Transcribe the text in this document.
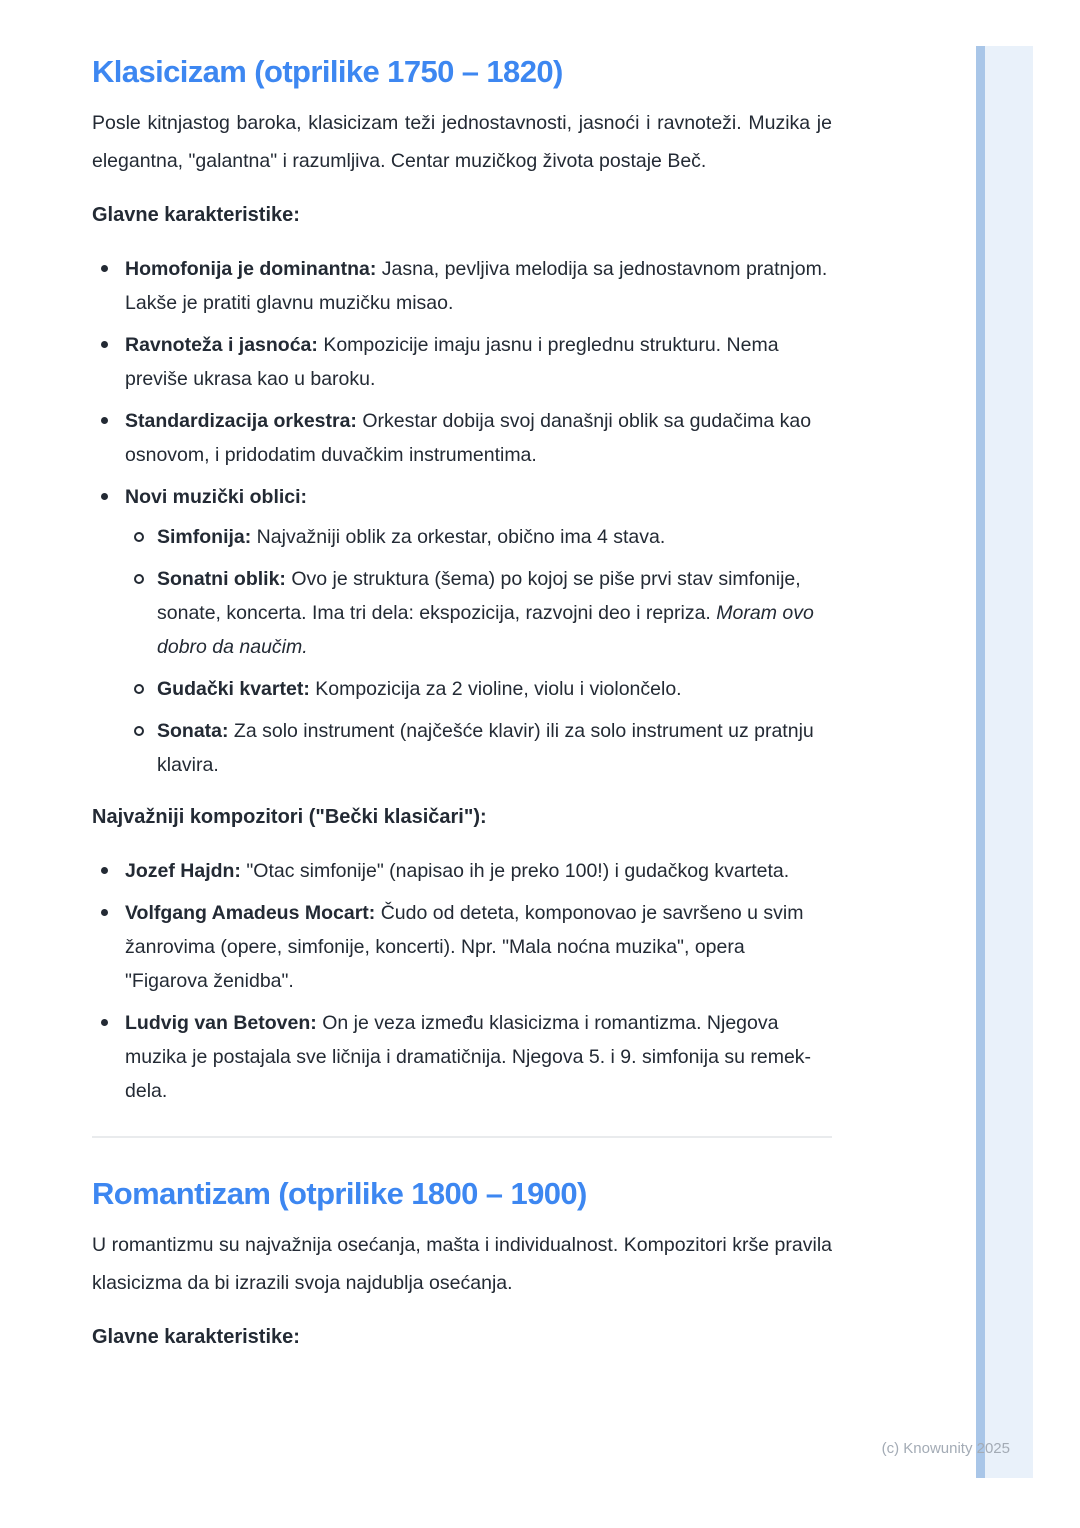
Klasicizam (otprilike 1750 – 1820)

Posle kitnjastog baroka, klasicizam teži jednostavnosti, jasnoći i ravnoteži. Muzika je elegantna, "galantna" i razumljiva. Centar muzičkog života postaje Beč.

Glavne karakteristike:
Homofonija je dominantna: Jasna, pevljiva melodija sa jednostavnom pratnjom. Lakše je pratiti glavnu muzičku misao.
Ravnoteža i jasnoća: Kompozicije imaju jasnu i preglednu strukturu. Nema previše ukrasa kao u baroku.
Standardizacija orkestra: Orkestar dobija svoj današnji oblik sa gudačima kao osnovom, i pridodatim duvačkim instrumentima.
Novi muzički oblici:
Simfonija: Najvažniji oblik za orkestar, obično ima 4 stava.
Sonatni oblik: Ovo je struktura (šema) po kojoj se piše prvi stav simfonije, sonate, koncerta. Ima tri dela: ekspozicija, razvojni deo i repriza. Moram ovo dobro da naučim.
Gudački kvartet: Kompozicija za 2 violine, violu i violončelo.
Sonata: Za solo instrument (najčešće klavir) ili za solo instrument uz pratnju klavira.
Najvažniji kompozitori ("Bečki klasičari"):
Jozef Hajdn: "Otac simfonije" (napisao ih je preko 100!) i gudačkog kvarteta.
Volfgang Amadeus Mocart: Čudo od deteta, komponovao je savršeno u svim žanrovima (opere, simfonije, koncerti). Npr. "Mala noćna muzika", opera "Figarova ženidba".
Ludvig van Betoven: On je veza između klasicizma i romantizma. Njegova muzika je postajala sve ličnija i dramatičnija. Njegova 5. i 9. simfonija su remek-dela.
Romantizam (otprilike 1800 – 1900)

U romantizmu su najvažnija osećanja, mašta i individualnost. Kompozitori krše pravila klasicizma da bi izrazili svoja najdublja osećanja.

Glavne karakteristike:
(c) Knowunity 2025
